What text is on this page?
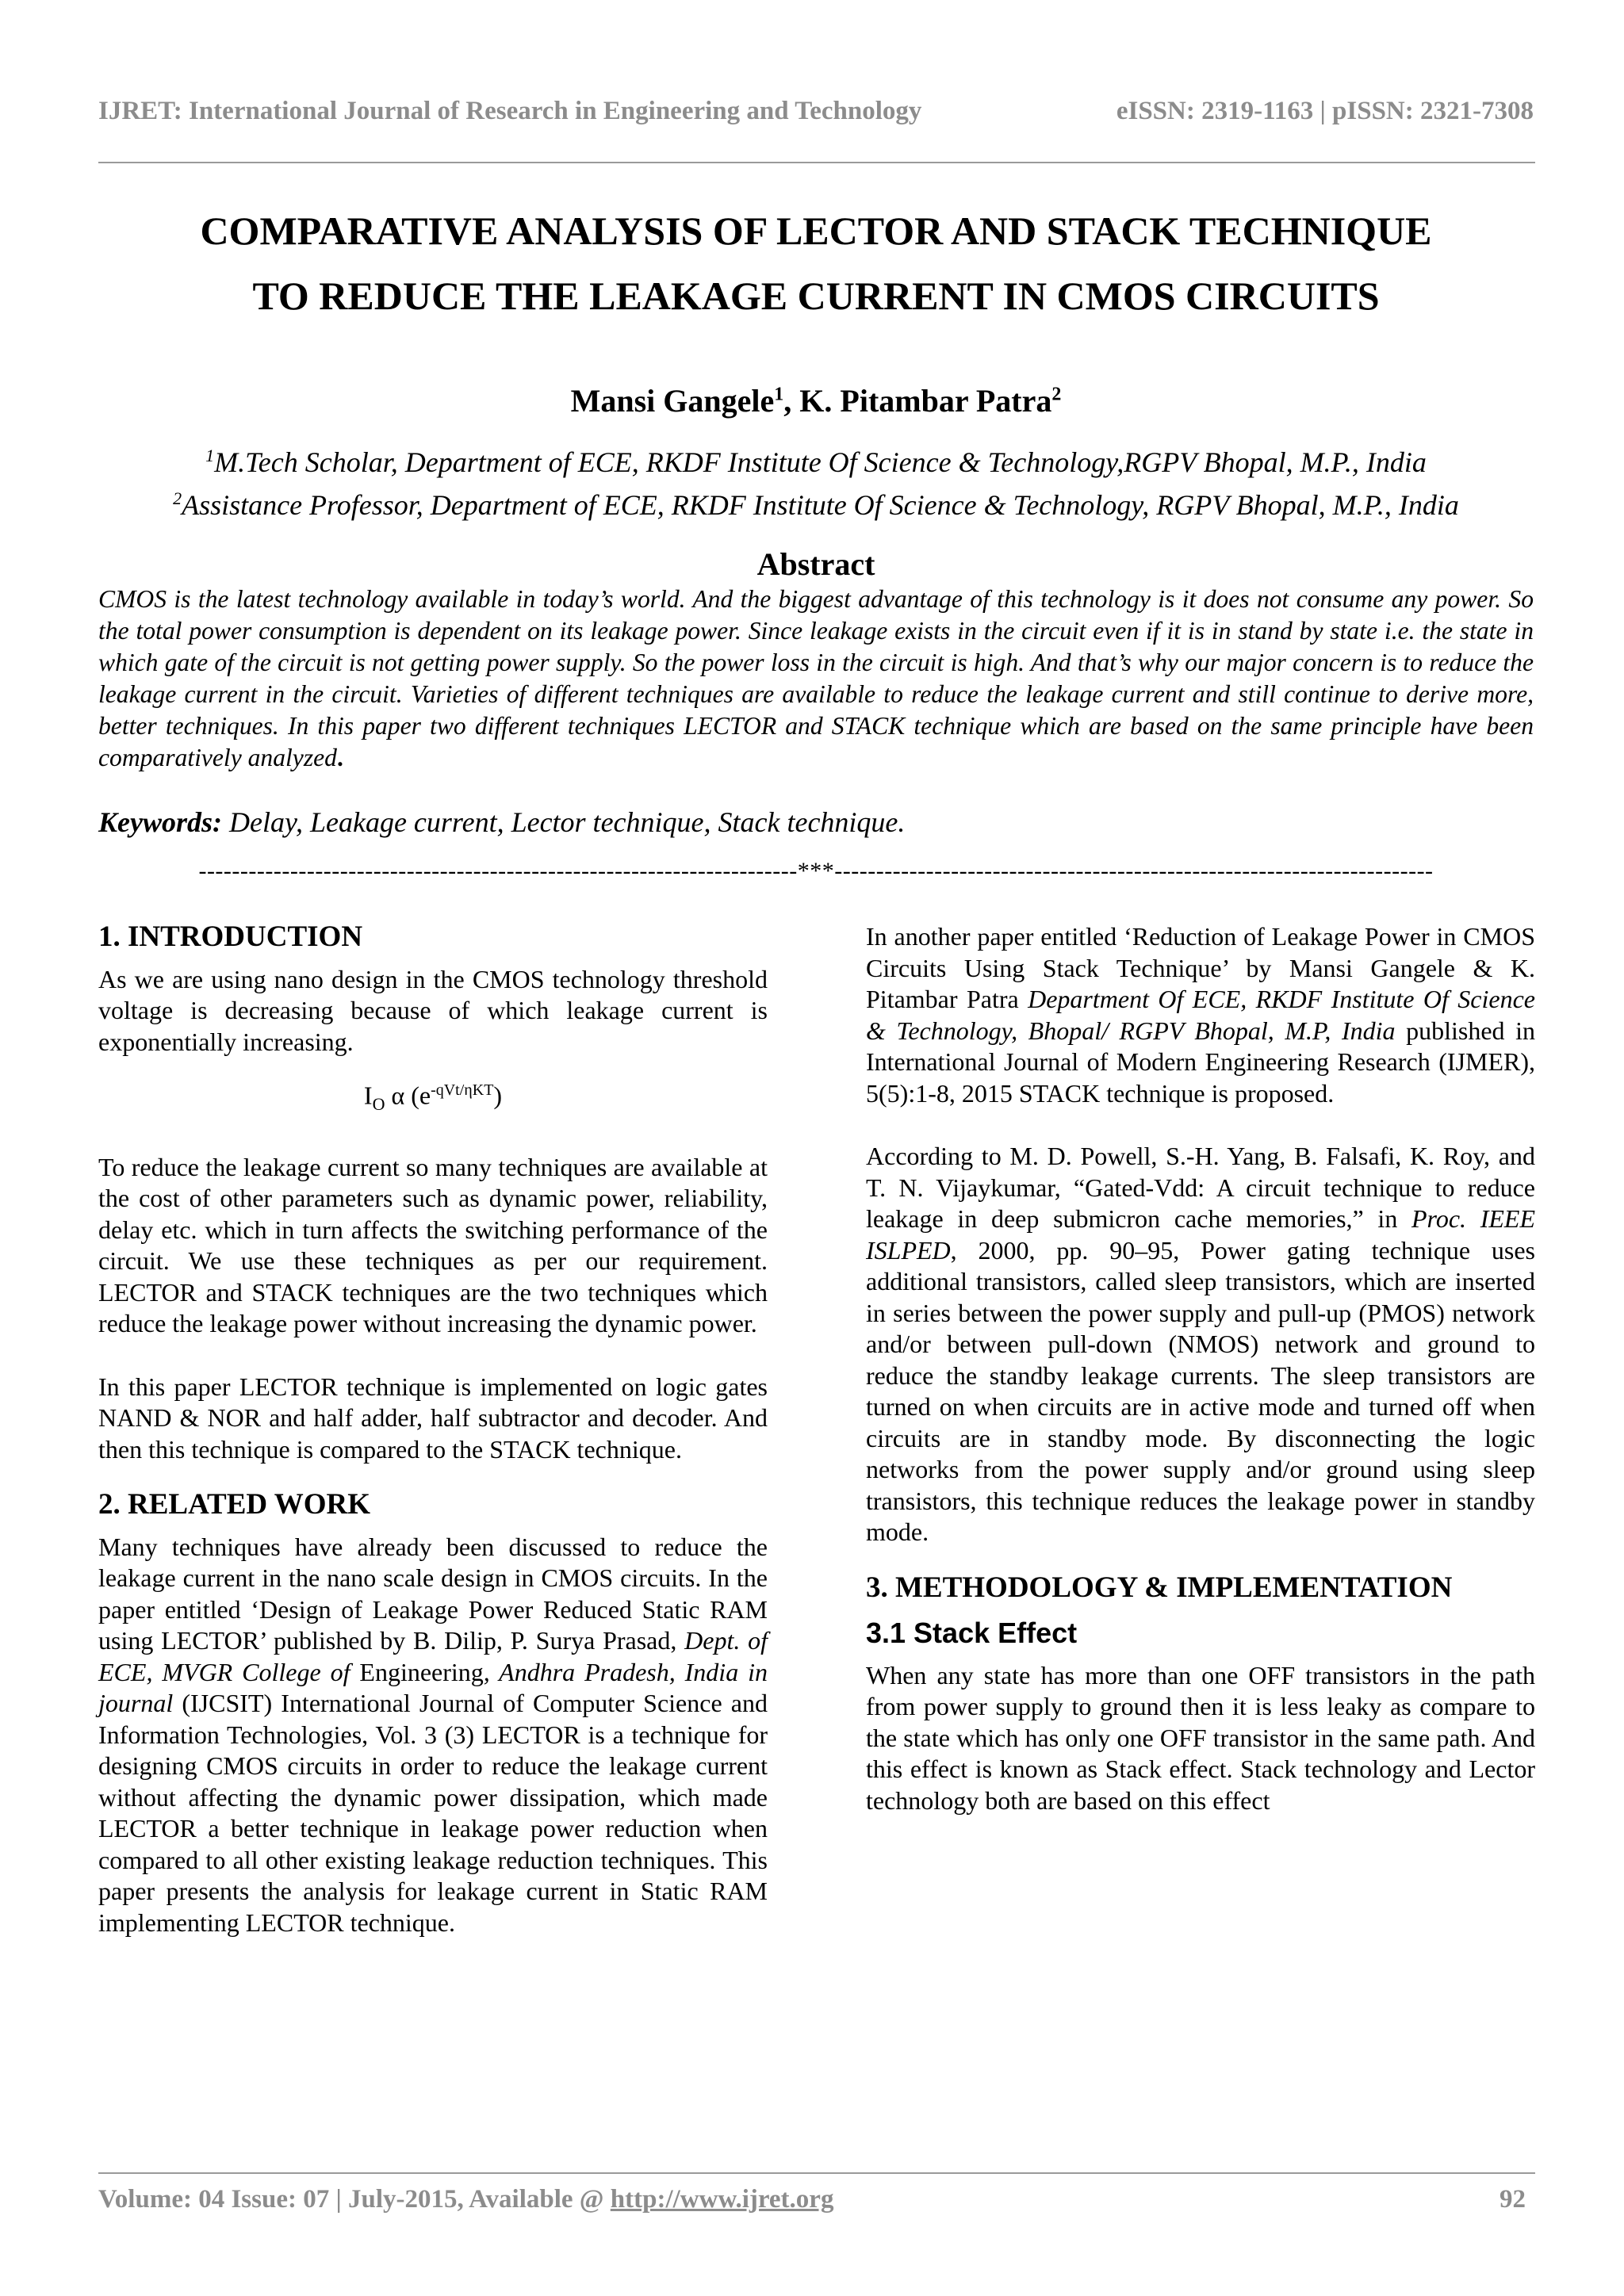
IJRET: International Journal of Research in Engineering and Technology	eISSN: 2319-1163 | pISSN: 2321-7308
COMPARATIVE ANALYSIS OF LECTOR AND STACK TECHNIQUE
TO REDUCE THE LEAKAGE CURRENT IN CMOS CIRCUITS
Mansi Gangele$^1$, K. Pitambar Patra$^2$
$^1$M.Tech Scholar, Department of ECE, RKDF Institute Of Science & Technology,RGPV Bhopal, M.P., India
$^2$Assistance Professor, Department of ECE, RKDF Institute Of Science & Technology, RGPV Bhopal, M.P., India
Abstract
CMOS is the latest technology available in today’s world. And the biggest advantage of this technology is it does not consume any power. So the total power consumption is dependent on its leakage power. Since leakage exists in the circuit even if it is in stand by state i.e. the state in which gate of the circuit is not getting power supply. So the power loss in the circuit is high. And that’s why our major concern is to reduce the leakage current in the circuit. Varieties of different techniques are available to reduce the leakage current and still continue to derive more, better techniques. In this paper two different techniques LECTOR and STACK technique which are based on the same principle have been comparatively analyzed.
Keywords: Delay, Leakage current, Lector technique, Stack technique.
------------------------------------------------------------------------***------------------------------------------------------------------------
1. INTRODUCTION

As we are using nano design in the CMOS technology threshold voltage is decreasing because of which leakage current is exponentially increasing.

$I_O$ α $(e^{-qVt/\eta KT})$

To reduce the leakage current so many techniques are available at the cost of other parameters such as dynamic power, reliability, delay etc. which in turn affects the switching performance of the circuit. We use these techniques as per our requirement. LECTOR and STACK techniques are the two techniques which reduce the leakage power without increasing the dynamic power.

In this paper LECTOR technique is implemented on logic gates NAND & NOR and half adder, half subtractor and decoder. And then this technique is compared to the STACK technique.

2. RELATED WORK

Many techniques have already been discussed to reduce the leakage current in the nano scale design in CMOS circuits. In the paper entitled ‘Design of Leakage Power Reduced Static RAM using LECTOR’ published by B. Dilip, P. Surya Prasad, Dept. of ECE, MVGR College of Engineering, Andhra Pradesh, India in journal (IJCSIT) International Journal of Computer Science and Information Technologies, Vol. 3 (3) LECTOR is a technique for designing CMOS circuits in order to reduce the leakage current without affecting the dynamic power dissipation, which made LECTOR a better technique in leakage power reduction when compared to all other existing leakage reduction techniques. This paper presents the analysis for leakage current in Static RAM implementing LECTOR technique.

In another paper entitled ‘Reduction of Leakage Power in CMOS Circuits Using Stack Technique’ by Mansi Gangele & K. Pitambar Patra Department Of ECE, RKDF Institute Of Science & Technology, Bhopal/ RGPV Bhopal, M.P, India published in International Journal of Modern Engineering Research (IJMER), 5(5):1-8, 2015 STACK technique is proposed.

According to M. D. Powell, S.-H. Yang, B. Falsafi, K. Roy, and T. N. Vijaykumar, “Gated-Vdd: A circuit technique to reduce leakage in deep submicron cache memories,” in Proc. IEEE ISLPED, 2000, pp. 90–95, Power gating technique uses additional transistors, called sleep transistors, which are inserted in series between the power supply and pull-up (PMOS) network and/or between pull-down (NMOS) network and ground to reduce the standby leakage currents. The sleep transistors are turned on when circuits are in active mode and turned off when circuits are in standby mode. By disconnecting the logic networks from the power supply and/or ground using sleep transistors, this technique reduces the leakage power in standby mode.

3. METHODOLOGY & IMPLEMENTATION
3.1 Stack Effect

When any state has more than one OFF transistors in the path from power supply to ground then it is less leaky as compare to the state which has only one OFF transistor in the same path. And this effect is known as Stack effect. Stack technology and Lector technology both are based on this effect

Volume: 04 Issue: 07 | July-2015, Available @ http://www.ijret.org	92
